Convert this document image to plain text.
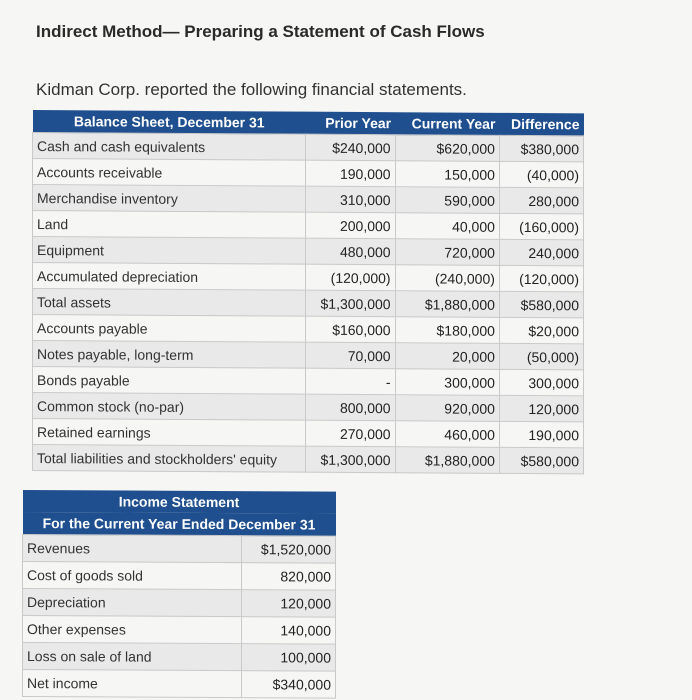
Indirect Method— Preparing a Statement of Cash Flows
Kidman Corp. reported the following financial statements.
Balance Sheet, December 31	Prior Year	Current Year	Difference
Cash and cash equivalents	$240,000	$620,000	$380,000
Accounts receivable	190,000	150,000	(40,000)
Merchandise inventory	310,000	590,000	280,000
Land	200,000	40,000	(160,000)
Equipment	480,000	720,000	240,000
Accumulated depreciation	(120,000)	(240,000)	(120,000)
Total assets	$1,300,000	$1,880,000	$580,000
Accounts payable	$160,000	$180,000	$20,000
Notes payable, long-term	70,000	20,000	(50,000)
Bonds payable	-	300,000	300,000
Common stock (no-par)	800,000	920,000	120,000
Retained earnings	270,000	460,000	190,000
Total liabilities and stockholders' equity	$1,300,000	$1,880,000	$580,000
Income Statement	
For the Current Year Ended December 31	
Revenues	$1,520,000
Cost of goods sold	820,000
Depreciation	120,000
Other expenses	140,000
Loss on sale of land	100,000
Net income	$340,000
